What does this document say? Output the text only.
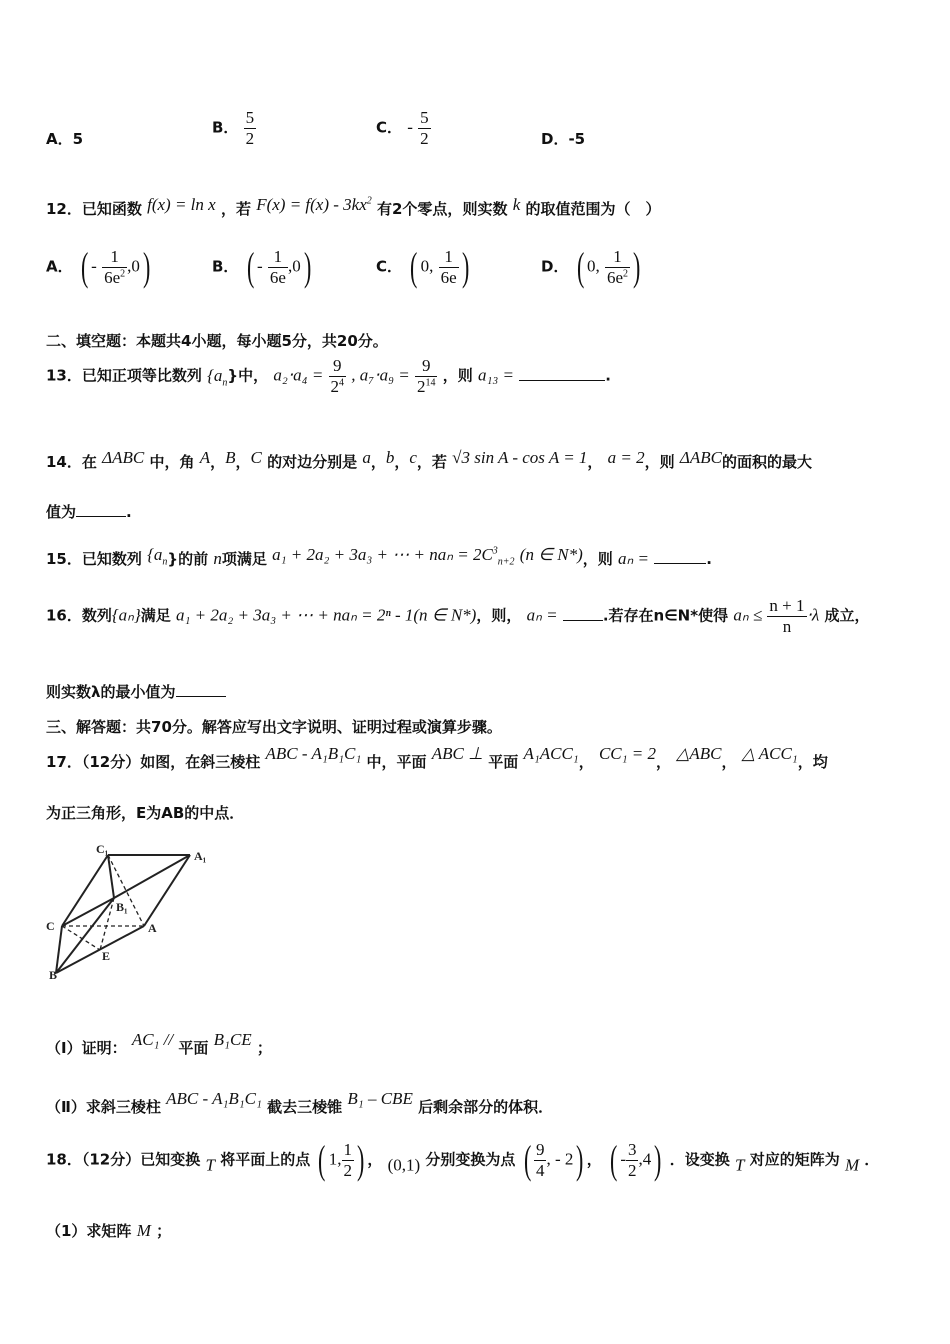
A．5
B． $\frac{5}{2}$	C． - $\frac{5}{2}$	D．-5
12．已知函数 f(x) = ln x ，若 $F(x) = f(x) - 3kx^2$ 有2个零点，则实数 k 的取值范围为（　）
A． ( - $\frac{1}{6e^2} ,0$)	B． ( - $\frac{1}{6e} ,0$)	C． ( 0, $\frac{1}{6e}$ )	D． ( 0, $\frac{1}{6e^2}$ )
二、填空题：本题共4小题，每小题5分，共20分。
13．已知正项等比数列 $\{a_n\}$中， $a_2\cdot a_4 = \frac{9}{2^4}$ , $a_7\cdot a_9 = \frac{9}{2^{14}}$ ，则 a₁₃ =	.
14．在 ΔABC 中，角 A，B，C 的对边分别是 a，b，c，若 √3 sin A - cos A = 1， a = 2，则 ΔABC的面积的最大
值为	.
15．已知数列 $\{a_n\}$的前 n项满足 a₁ + 2a₂ + 3a₃ + ⋯ + $na_n = 2C^3_{n+2}$ (n ∈ N*)，则 aₙ =	.
16．数列{aₙ}满足 a₁ + 2a₂ + 3a₃ + ⋯ + naₙ = 2ⁿ - 1(n ∈ N*)，则， aₙ =	.若存在n∈N*使得 $a_n \le \frac{n + 1}{n} \cdot\lambda$ 成立，
则实数λ的最小值为
三、解答题：共70分。解答应写出文字说明、证明过程或演算步骤。
17．（12分）如图，在斜三棱柱 ABC - A₁B₁C₁ 中，平面 ABC ⊥ 平面 A₁ACC₁， CC₁ = 2， △ABC， △ ACC₁，均
为正三角形，E为AB的中点．
C₁	A₁
B₁
C	A
E
B
（Ⅰ）证明： AC₁ // 平面 B₁CE ；
（Ⅱ）求斜三棱柱 ABC - A₁B₁C₁ 截去三棱锥 B₁ – CBE 后剩余部分的体积．
18．（12分）已知变换 T 将平面上的点 ( 1, $\frac{1}{2}$ ) ， (0,1) 分别变换为点 ( $\frac{9}{4}$ , - 2) ， ( - $\frac{3}{2} ,4$) ．设变换 T 对应的矩阵为 M ．
（1）求矩阵 M ；
